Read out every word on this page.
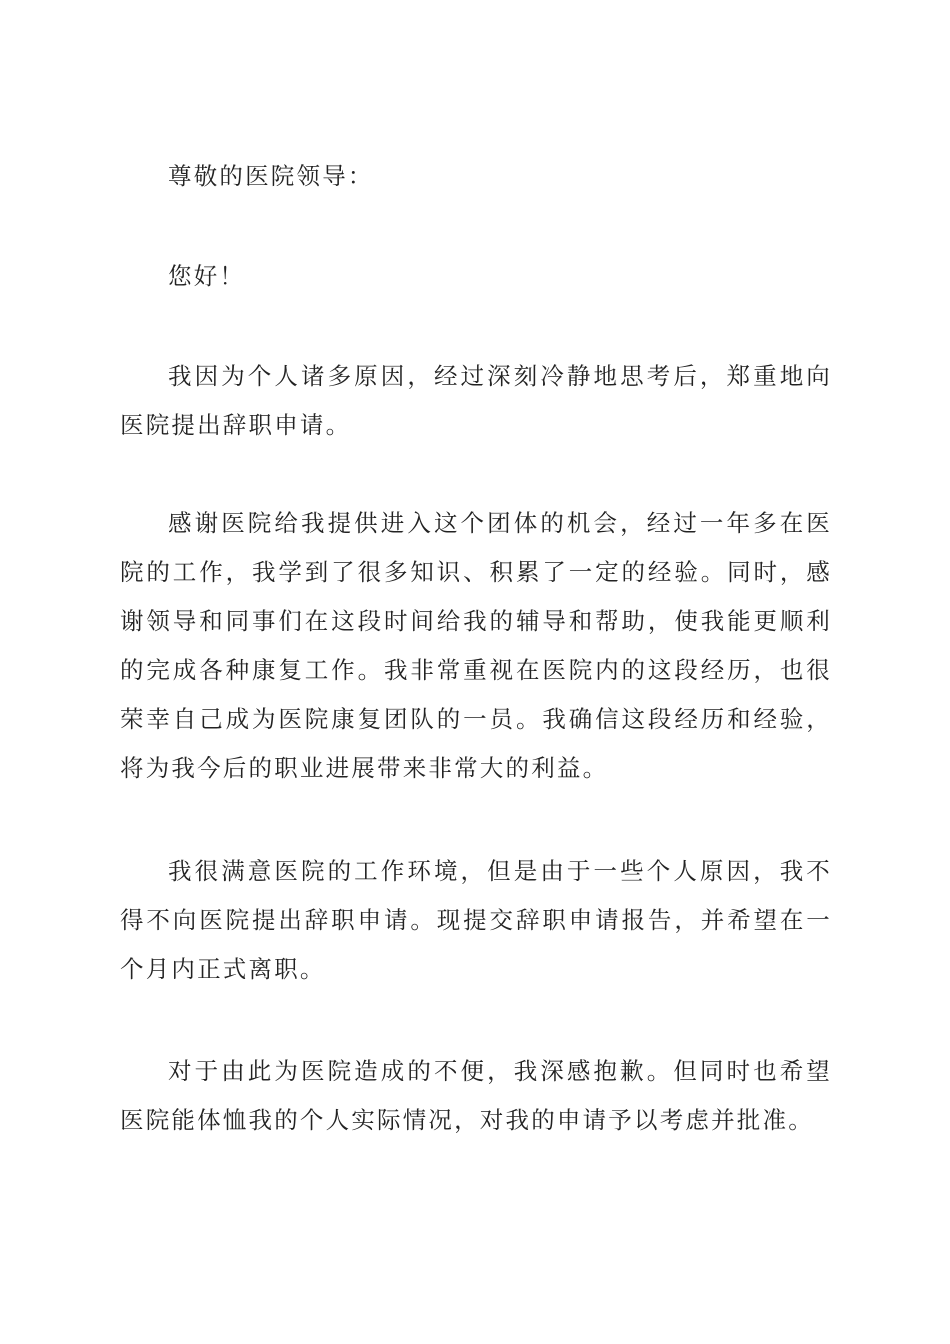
尊敬的医院领导：

您好！

我因为个人诸多原因，经过深刻冷静地思考后，郑重地向医院提出辞职申请。

感谢医院给我提供进入这个团体的机会，经过一年多在医院的工作，我学到了很多知识、积累了一定的经验。同时，感谢领导和同事们在这段时间给我的辅导和帮助，使我能更顺利的完成各种康复工作。我非常重视在医院内的这段经历，也很荣幸自己成为医院康复团队的一员。我确信这段经历和经验，将为我今后的职业进展带来非常大的利益。

我很满意医院的工作环境，但是由于一些个人原因，我不得不向医院提出辞职申请。现提交辞职申请报告，并希望在一个月内正式离职。

对于由此为医院造成的不便，我深感抱歉。但同时也希望医院能体恤我的个人实际情况，对我的申请予以考虑并批准。
